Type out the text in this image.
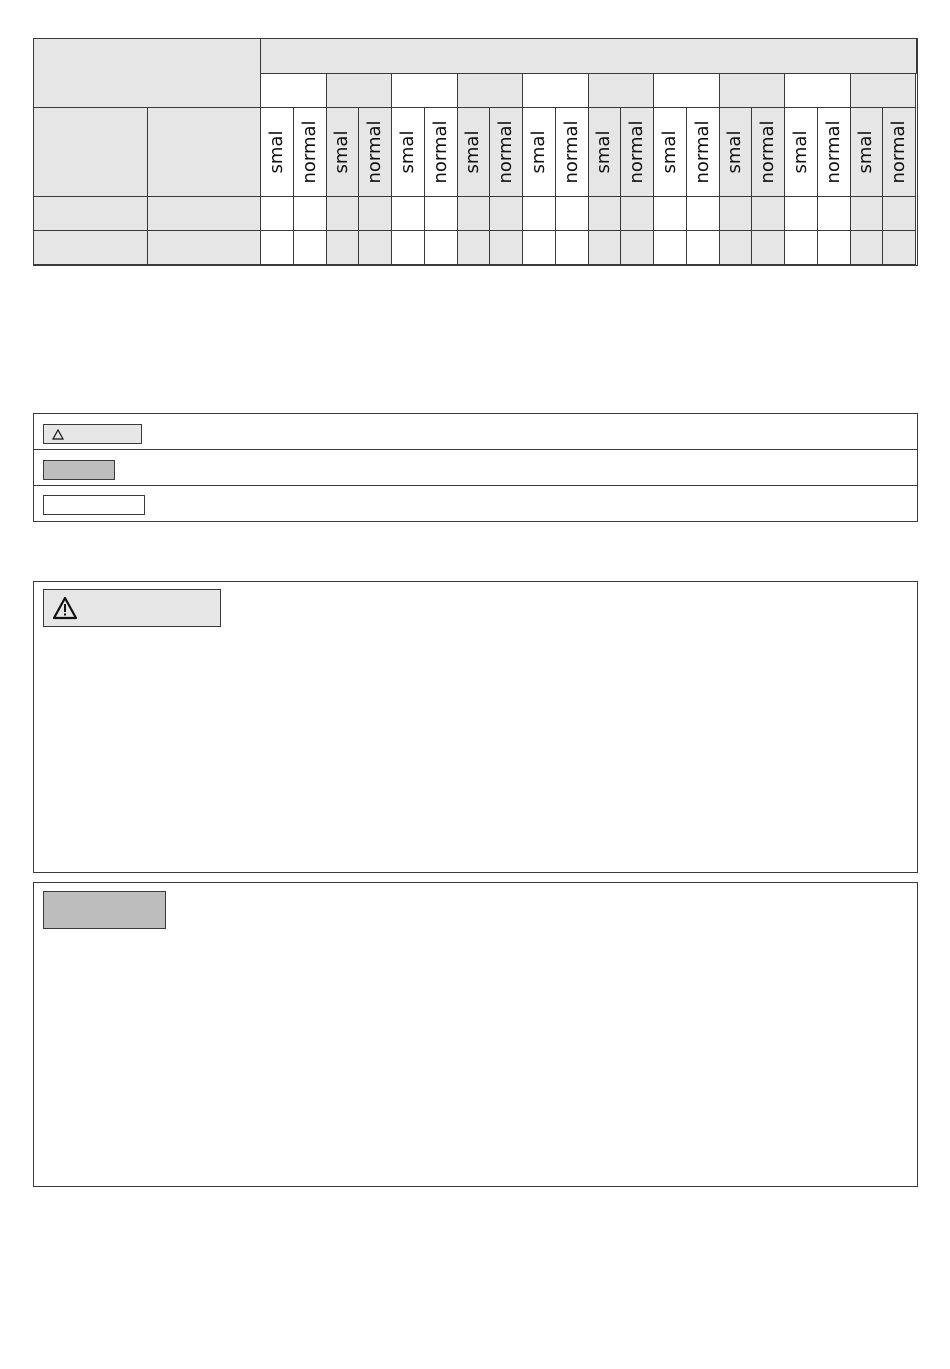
smal normal smal normal smal normal smal normal smal normal smal normal smal normal smal normal smal normal smal normal
